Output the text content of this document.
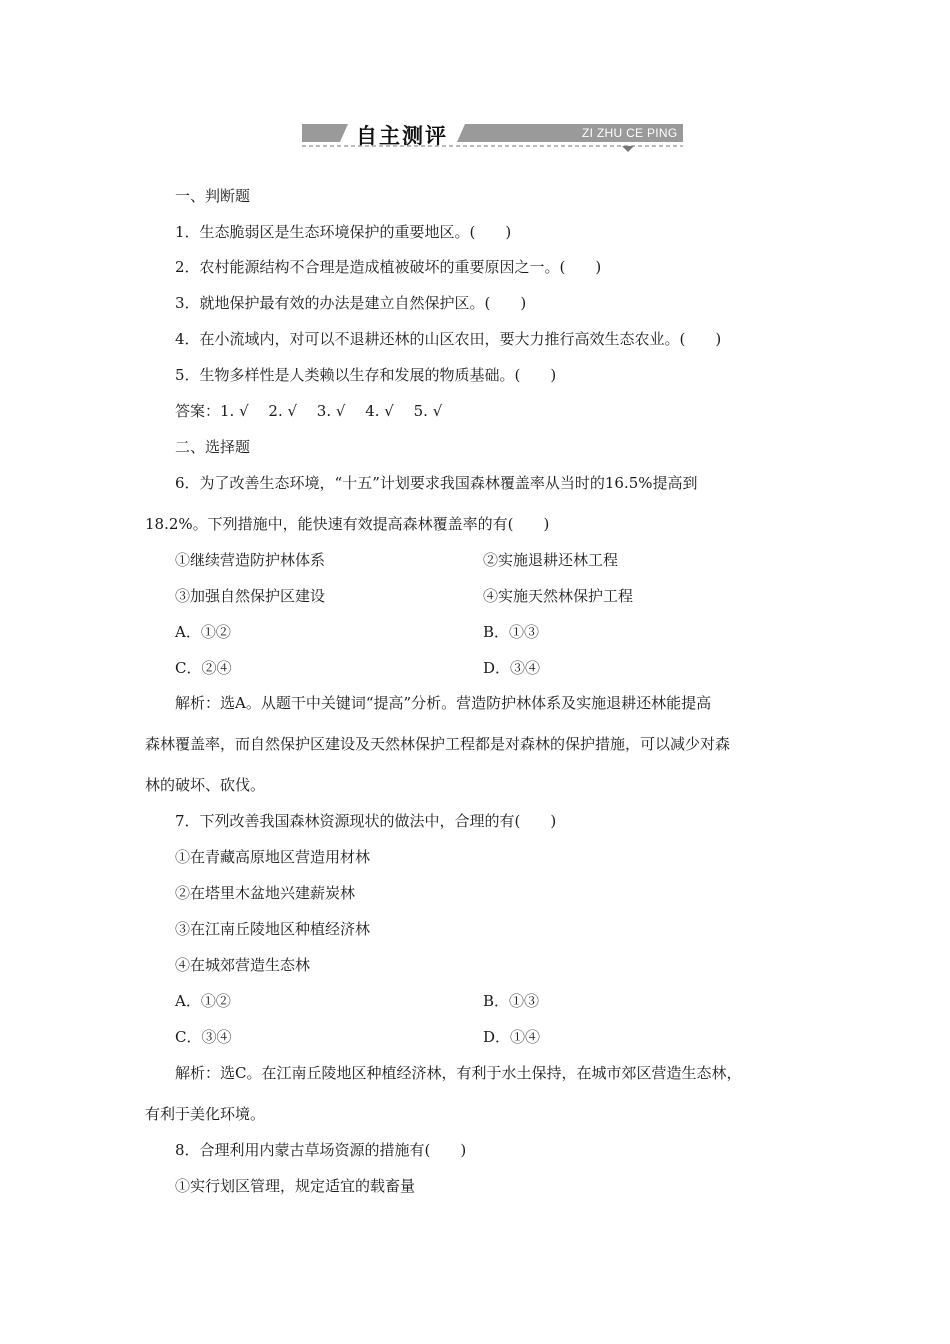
自主测评	ZI ZHU CE PING
一、判断题
1．生态脆弱区是生态环境保护的重要地区。(　　)
2．农村能源结构不合理是造成植被破坏的重要原因之一。(　　)
3．就地保护最有效的办法是建立自然保护区。(　　)
4．在小流域内，对可以不退耕还林的山区农田，要大力推行高效生态农业。(　　)
5．生物多样性是人类赖以生存和发展的物质基础。(　　)
答案：1. √　 2. √　 3. √　 4. √　 5. √
二、选择题
6．为了改善生态环境，“十五”计划要求我国森林覆盖率从当时的16.5%提高到
18.2%。下列措施中，能快速有效提高森林覆盖率的有(　　)
①继续营造防护林体系	②实施退耕还林工程
③加强自然保护区建设	④实施天然林保护工程
A．①②	B．①③
C．②④	D．③④
解析：选A。从题干中关键词“提高”分析。营造防护林体系及实施退耕还林能提高
森林覆盖率，而自然保护区建设及天然林保护工程都是对森林的保护措施，可以减少对森
林的破坏、砍伐。
7．下列改善我国森林资源现状的做法中，合理的有(　　)
①在青藏高原地区营造用材林
②在塔里木盆地兴建薪炭林
③在江南丘陵地区种植经济林
④在城郊营造生态林
A．①②	B．①③
C．③④	D．①④
解析：选C。在江南丘陵地区种植经济林，有利于水土保持，在城市郊区营造生态林，
有利于美化环境。
8．合理利用内蒙古草场资源的措施有(　　)
①实行划区管理，规定适宜的载畜量
